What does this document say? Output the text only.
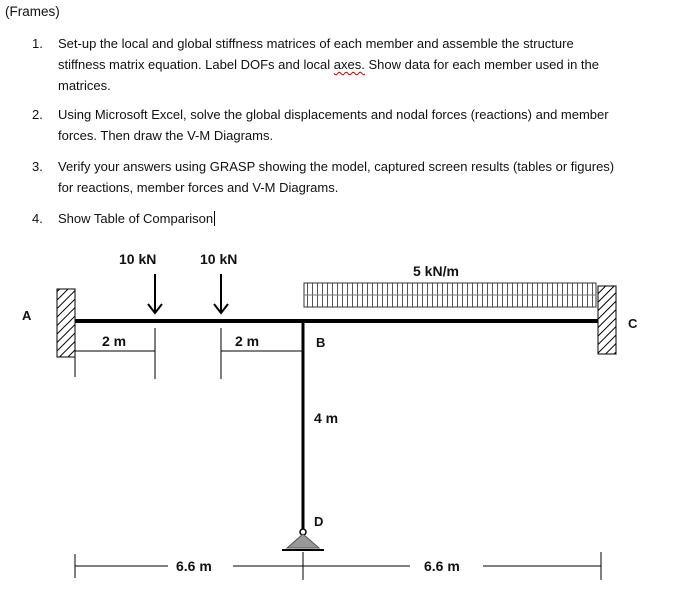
(Frames)
1.	Set-up the local and global stiffness matrices of each member and assemble the structure
stiffness matrix equation. Label DOFs and local axes. Show data for each member used in the
matrices.
2.	Using Microsoft Excel, solve the global displacements and nodal forces (reactions) and member
forces. Then draw the V-M Diagrams.
3.	Verify your answers using GRASP showing the model, captured screen results (tables or figures)
for reactions, member forces and V-M Diagrams.
4.	Show Table of Comparison
10 kN	10 kN
5 kN/m
A
B
C
D
2 m	2 m
4 m
6.6 m	6.6 m
